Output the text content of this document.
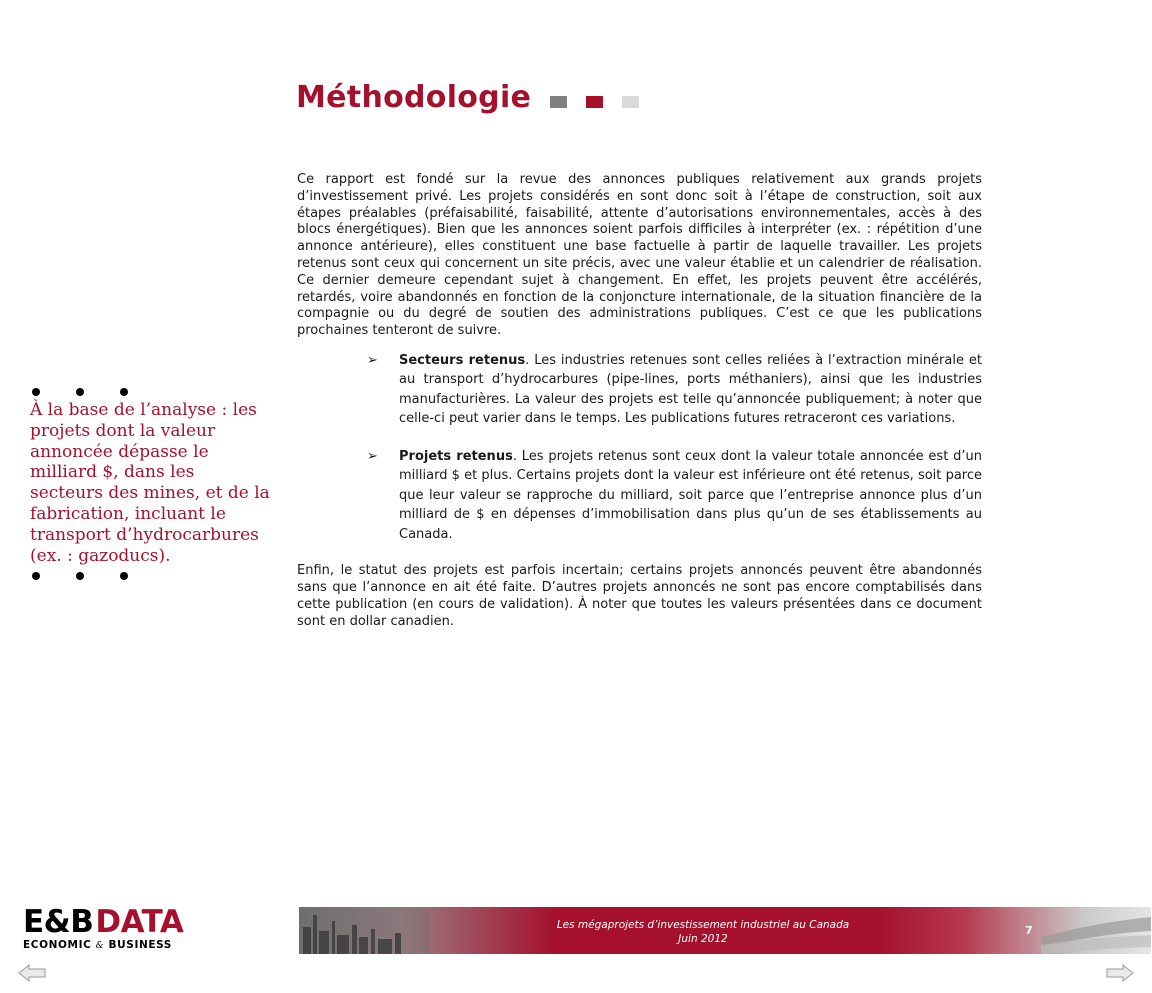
Méthodologie

Ce rapport est fondé sur la revue des annonces publiques relativement aux grands projets d’investissement privé. Les projets considérés en sont donc soit à l’étape de construction, soit aux étapes préalables (préfaisabilité, faisabilité, attente d’autorisations environnementales, accès à des blocs énergétiques). Bien que les annonces soient parfois difficiles à interpréter (ex. : répétition d’une annonce antérieure), elles constituent une base factuelle à partir de laquelle travailler. Les projets retenus sont ceux qui concernent un site précis, avec une valeur établie et un calendrier de réalisation. Ce dernier demeure cependant sujet à changement. En effet, les projets peuvent être accélérés, retardés, voire abandonnés en fonction de la conjoncture internationale, de la situation financière de la compagnie ou du degré de soutien des administrations publiques. C’est ce que les publications prochaines tenteront de suivre.

➢ Secteurs retenus. Les industries retenues sont celles reliées à l’extraction minérale et au transport d’hydrocarbures (pipe-lines, ports méthaniers), ainsi que les industries manufacturières. La valeur des projets est telle qu’annoncée publiquement; à noter que celle-ci peut varier dans le temps. Les publications futures retraceront ces variations.
➢ Projets retenus. Les projets retenus sont ceux dont la valeur totale annoncée est d’un milliard $ et plus. Certains projets dont la valeur est inférieure ont été retenus, soit parce que leur valeur se rapproche du milliard, soit parce que l’entreprise annonce plus d’un milliard de $ en dépenses d’immobilisation dans plus qu’un de ses établissements au Canada.

Enfin, le statut des projets est parfois incertain; certains projets annoncés peuvent être abandonnés sans que l’annonce en ait été faite. D’autres projets annoncés ne sont pas encore comptabilisés dans cette publication (en cours de validation). À noter que toutes les valeurs présentées dans ce document sont en dollar canadien.

À la base de l’analyse : les projets dont la valeur annoncée dépasse le milliard $, dans les secteurs des mines, et de la fabrication, incluant le transport d’hydrocarbures (ex. : gazoducs).
E&BDATA
ECONOMIC & BUSINESS
Les mégaprojets d’investissement industriel au Canada
Juin 2012
7
